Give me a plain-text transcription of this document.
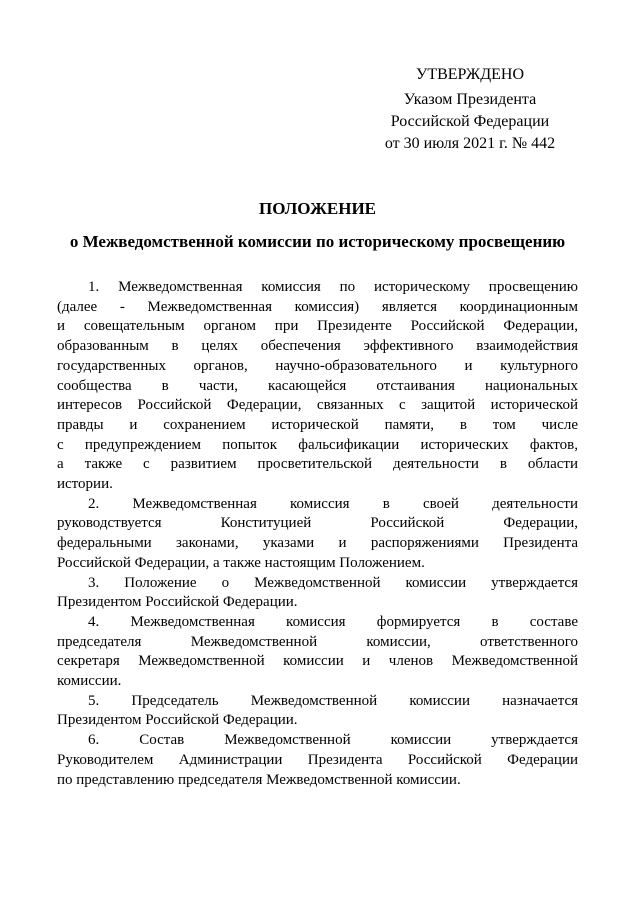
УТВЕРЖДЕНО
Указом Президента
Российской Федерации
от 30 июля 2021 г. № 442
ПОЛОЖЕНИЕ
о Межведомственной комиссии по историческому просвещению
1. Межведомственная комиссия по историческому просвещению
(далее - Межведомственная комиссия) является координационным
и совещательным органом при Президенте Российской Федерации,
образованным в целях обеспечения эффективного взаимодействия
государственных органов, научно-образовательного и культурного
сообщества в части, касающейся отстаивания национальных
интересов Российской Федерации, связанных с защитой исторической
правды и сохранением исторической памяти, в том числе
с предупреждением попыток фальсификации исторических фактов,
а также с развитием просветительской деятельности в области
истории.
2. Межведомственная комиссия в своей деятельности
руководствуется Конституцией Российской Федерации,
федеральными законами, указами и распоряжениями Президента
Российской Федерации, а также настоящим Положением.
3. Положение о Межведомственной комиссии утверждается
Президентом Российской Федерации.
4. Межведомственная комиссия формируется в составе
председателя Межведомственной комиссии, ответственного
секретаря Межведомственной комиссии и членов Межведомственной
комиссии.
5. Председатель Межведомственной комиссии назначается
Президентом Российской Федерации.
6. Состав Межведомственной комиссии утверждается
Руководителем Администрации Президента Российской Федерации
по представлению председателя Межведомственной комиссии.
